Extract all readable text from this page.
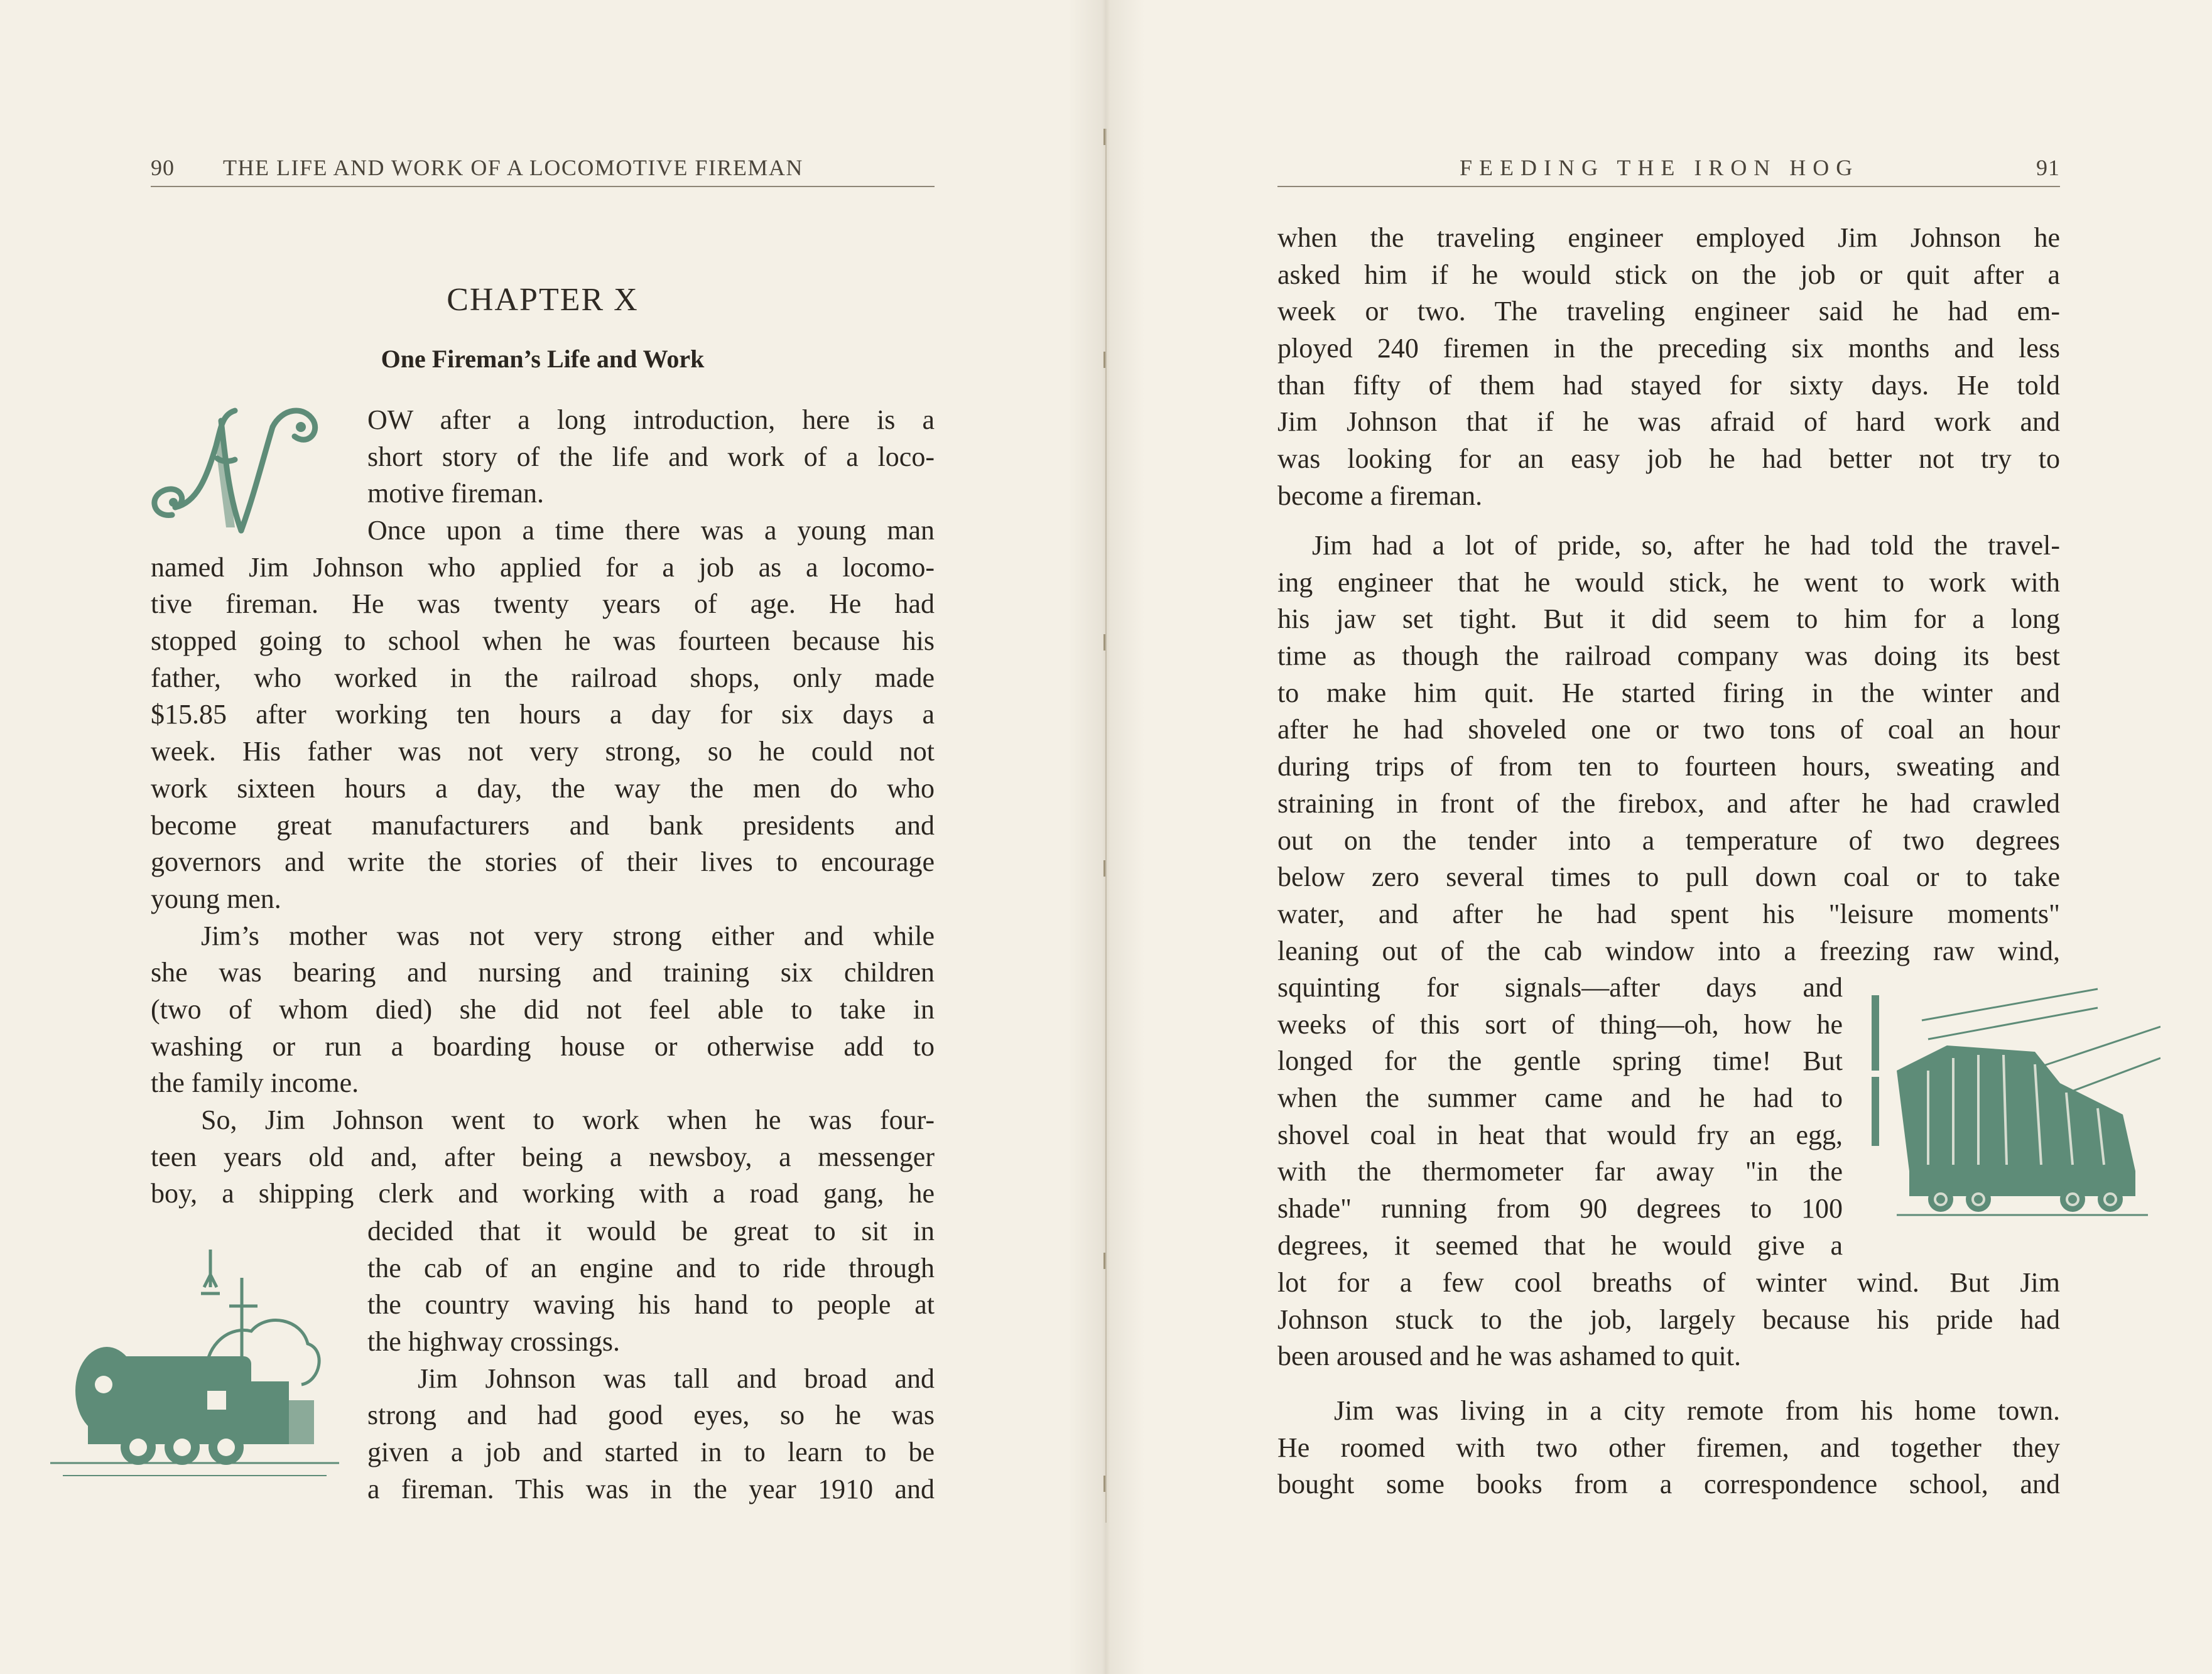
90 THE LIFE AND WORK OF A LOCOMOTIVE FIREMAN	FEEDING THE IRON HOG	91
CHAPTER X
One Fireman’s Life and Work
N
OW after a long introduction, here is a
short story of the life and work of a loco-
motive fireman.
Once upon a time there was a young man
named Jim Johnson who applied for a job as a locomo-
tive fireman. He was twenty years of age. He had
stopped going to school when he was fourteen because his
father, who worked in the railroad shops, only made
$15.85 after working ten hours a day for six days a
week. His father was not very strong, so he could not
work sixteen hours a day, the way the men do who
become great manufacturers and bank presidents and
governors and write the stories of their lives to encourage
young men.
Jim’s mother was not very strong either and while
she was bearing and nursing and training six children
(two of whom died) she did not feel able to take in
washing or run a boarding house or otherwise add to
the family income.
So, Jim Johnson went to work when he was four-
teen years old and, after being a newsboy, a messenger
boy, a shipping clerk and working with a road gang, he
decided that it would be great to sit in
the cab of an engine and to ride through
the country waving his hand to people at
the highway crossings.
Jim Johnson was tall and broad and
strong and had good eyes, so he was
given a job and started in to learn to be
a fireman. This was in the year 1910 and
when the traveling engineer employed Jim Johnson he
asked him if he would stick on the job or quit after a
week or two. The traveling engineer said he had em-
ployed 240 firemen in the preceding six months and less
than fifty of them had stayed for sixty days. He told
Jim Johnson that if he was afraid of hard work and
was looking for an easy job he had better not try to
become a fireman.
Jim had a lot of pride, so, after he had told the travel-
ing engineer that he would stick, he went to work with
his jaw set tight. But it did seem to him for a long
time as though the railroad company was doing its best
to make him quit. He started firing in the winter and
after he had shoveled one or two tons of coal an hour
during trips of from ten to fourteen hours, sweating and
straining in front of the firebox, and after he had crawled
out on the tender into a temperature of two degrees
below zero several times to pull down coal or to take
water, and after he had spent his "leisure moments"
leaning out of the cab window into a freezing raw wind,
squinting for signals—after days and
weeks of this sort of thing—oh, how he
longed for the gentle spring time! But
when the summer came and he had to
shovel coal in heat that would fry an egg,
with the thermometer far away "in the
shade" running from 90 degrees to 100
degrees, it seemed that he would give a
lot for a few cool breaths of winter wind. But Jim
Johnson stuck to the job, largely because his pride had
been aroused and he was ashamed to quit.
Jim was living in a city remote from his home town.
He roomed with two other firemen, and together they
bought some books from a correspondence school, and
